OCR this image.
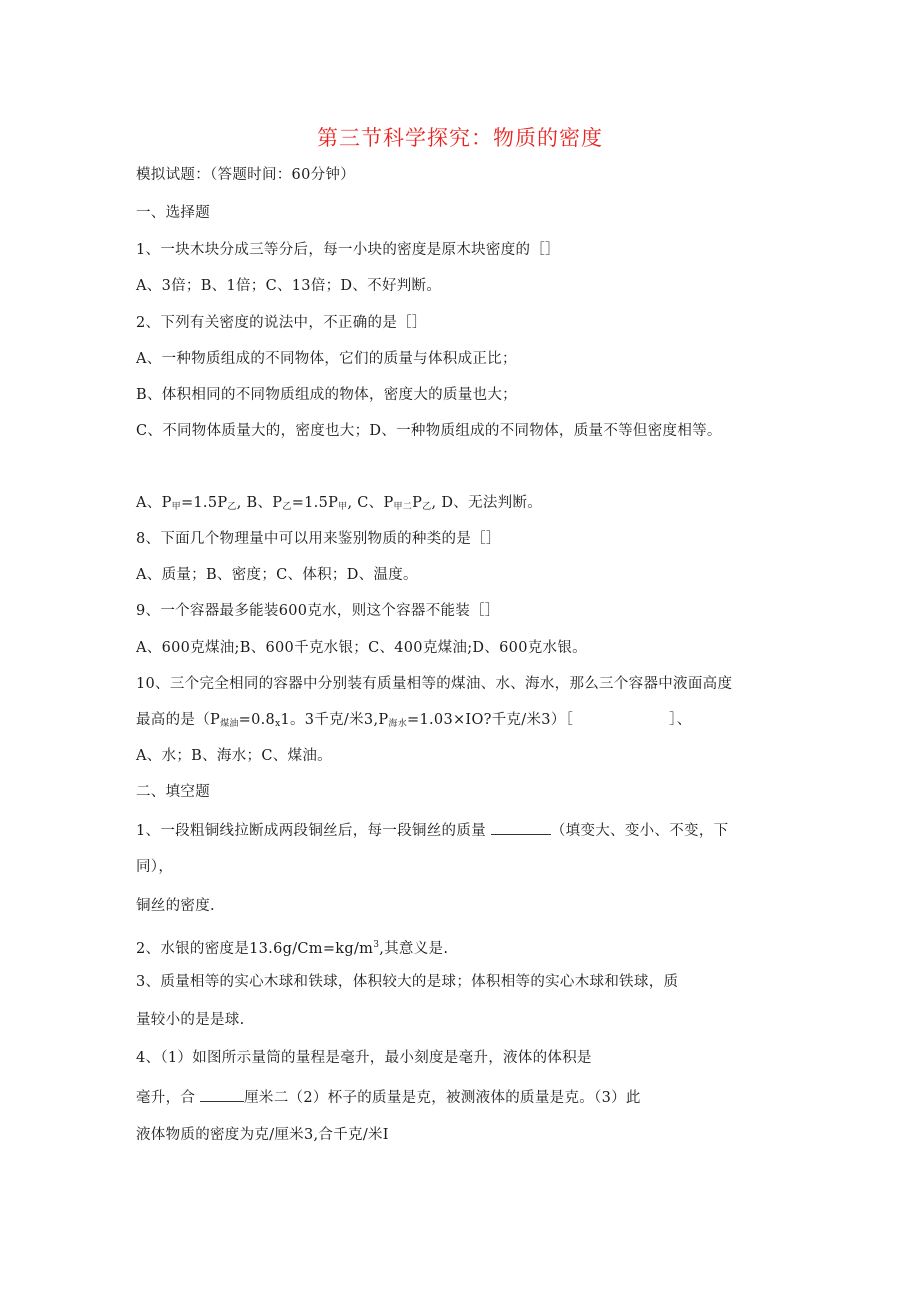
第三节科学探究：物质的密度
模拟试题：（答题时间：60分钟）
一、选择题
1、一块木块分成三等分后，每一小块的密度是原木块密度的［］
A、3倍；B、1倍；C、13倍；D、不好判断。
2、下列有关密度的说法中，不正确的是［］
A、一种物质组成的不同物体，它们的质量与体积成正比；
B、体积相同的不同物质组成的物体，密度大的质量也大；
C、不同物体质量大的，密度也大；D、一种物质组成的不同物体，质量不等但密度相等。
A、$P_甲=1.5P_乙$, B、$P_乙=1.5P_甲$, C、$P_{甲二}P_乙$, D、无法判断。
8、下面几个物理量中可以用来鉴别物质的种类的是［］
A、质量；B、密度；C、体积；D、温度。
9、一个容器最多能装600克水，则这个容器不能装［］
A、600克煤油;B、600千克水银；C、400克煤油;D、600克水银。
10、三个完全相同的容器中分别装有质量相等的煤油、水、海水，那么三个容器中液面高度
最高的是（$P_{煤油}=0.8_x1$。3千克/米$3,P_{海水}=1.03\times IO$?千克/米3）［	］、
A、水；B、海水；C、煤油。
二、填空题
1、一段粗铜线拉断成两段铜丝后，每一段铜丝的质量	（填变大、变小、不变，下
同），
铜丝的密度.
2、水银的密度是$13.6g/Cm=kg/m^3$,其意义是.
3、质量相等的实心木球和铁球，体积较大的是球；体积相等的实心木球和铁球，质
量较小的是是球.
4、（1）如图所示量筒的量程是毫升，最小刻度是毫升，液体的体积是
毫升，合	厘米二（2）杯子的质量是克，被测液体的质量是克。（3）此
液体物质的密度为克/厘米3,合千克/米I
